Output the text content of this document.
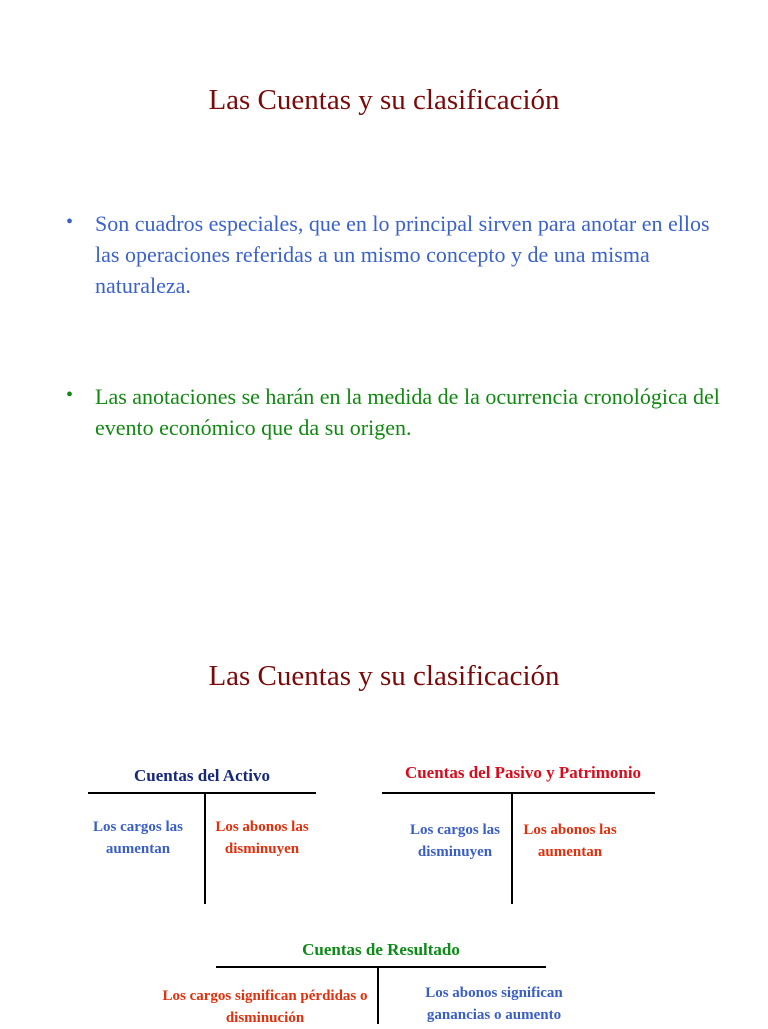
Las Cuentas y su clasificación
• Son cuadros especiales, que en lo principal sirven para anotar en ellos las operaciones referidas a un mismo concepto y de una misma naturaleza.
• Las anotaciones se harán en la medida de la ocurrencia cronológica del evento económico que da su origen.
Las Cuentas y su clasificación
Cuentas del Activo
Los cargos las aumentan
Los abonos las disminuyen
Cuentas del Pasivo y Patrimonio
Los cargos las disminuyen
Los abonos las aumentan
Cuentas de Resultado
Los cargos significan pérdidas o disminución
Los abonos significan ganancias o aumento
